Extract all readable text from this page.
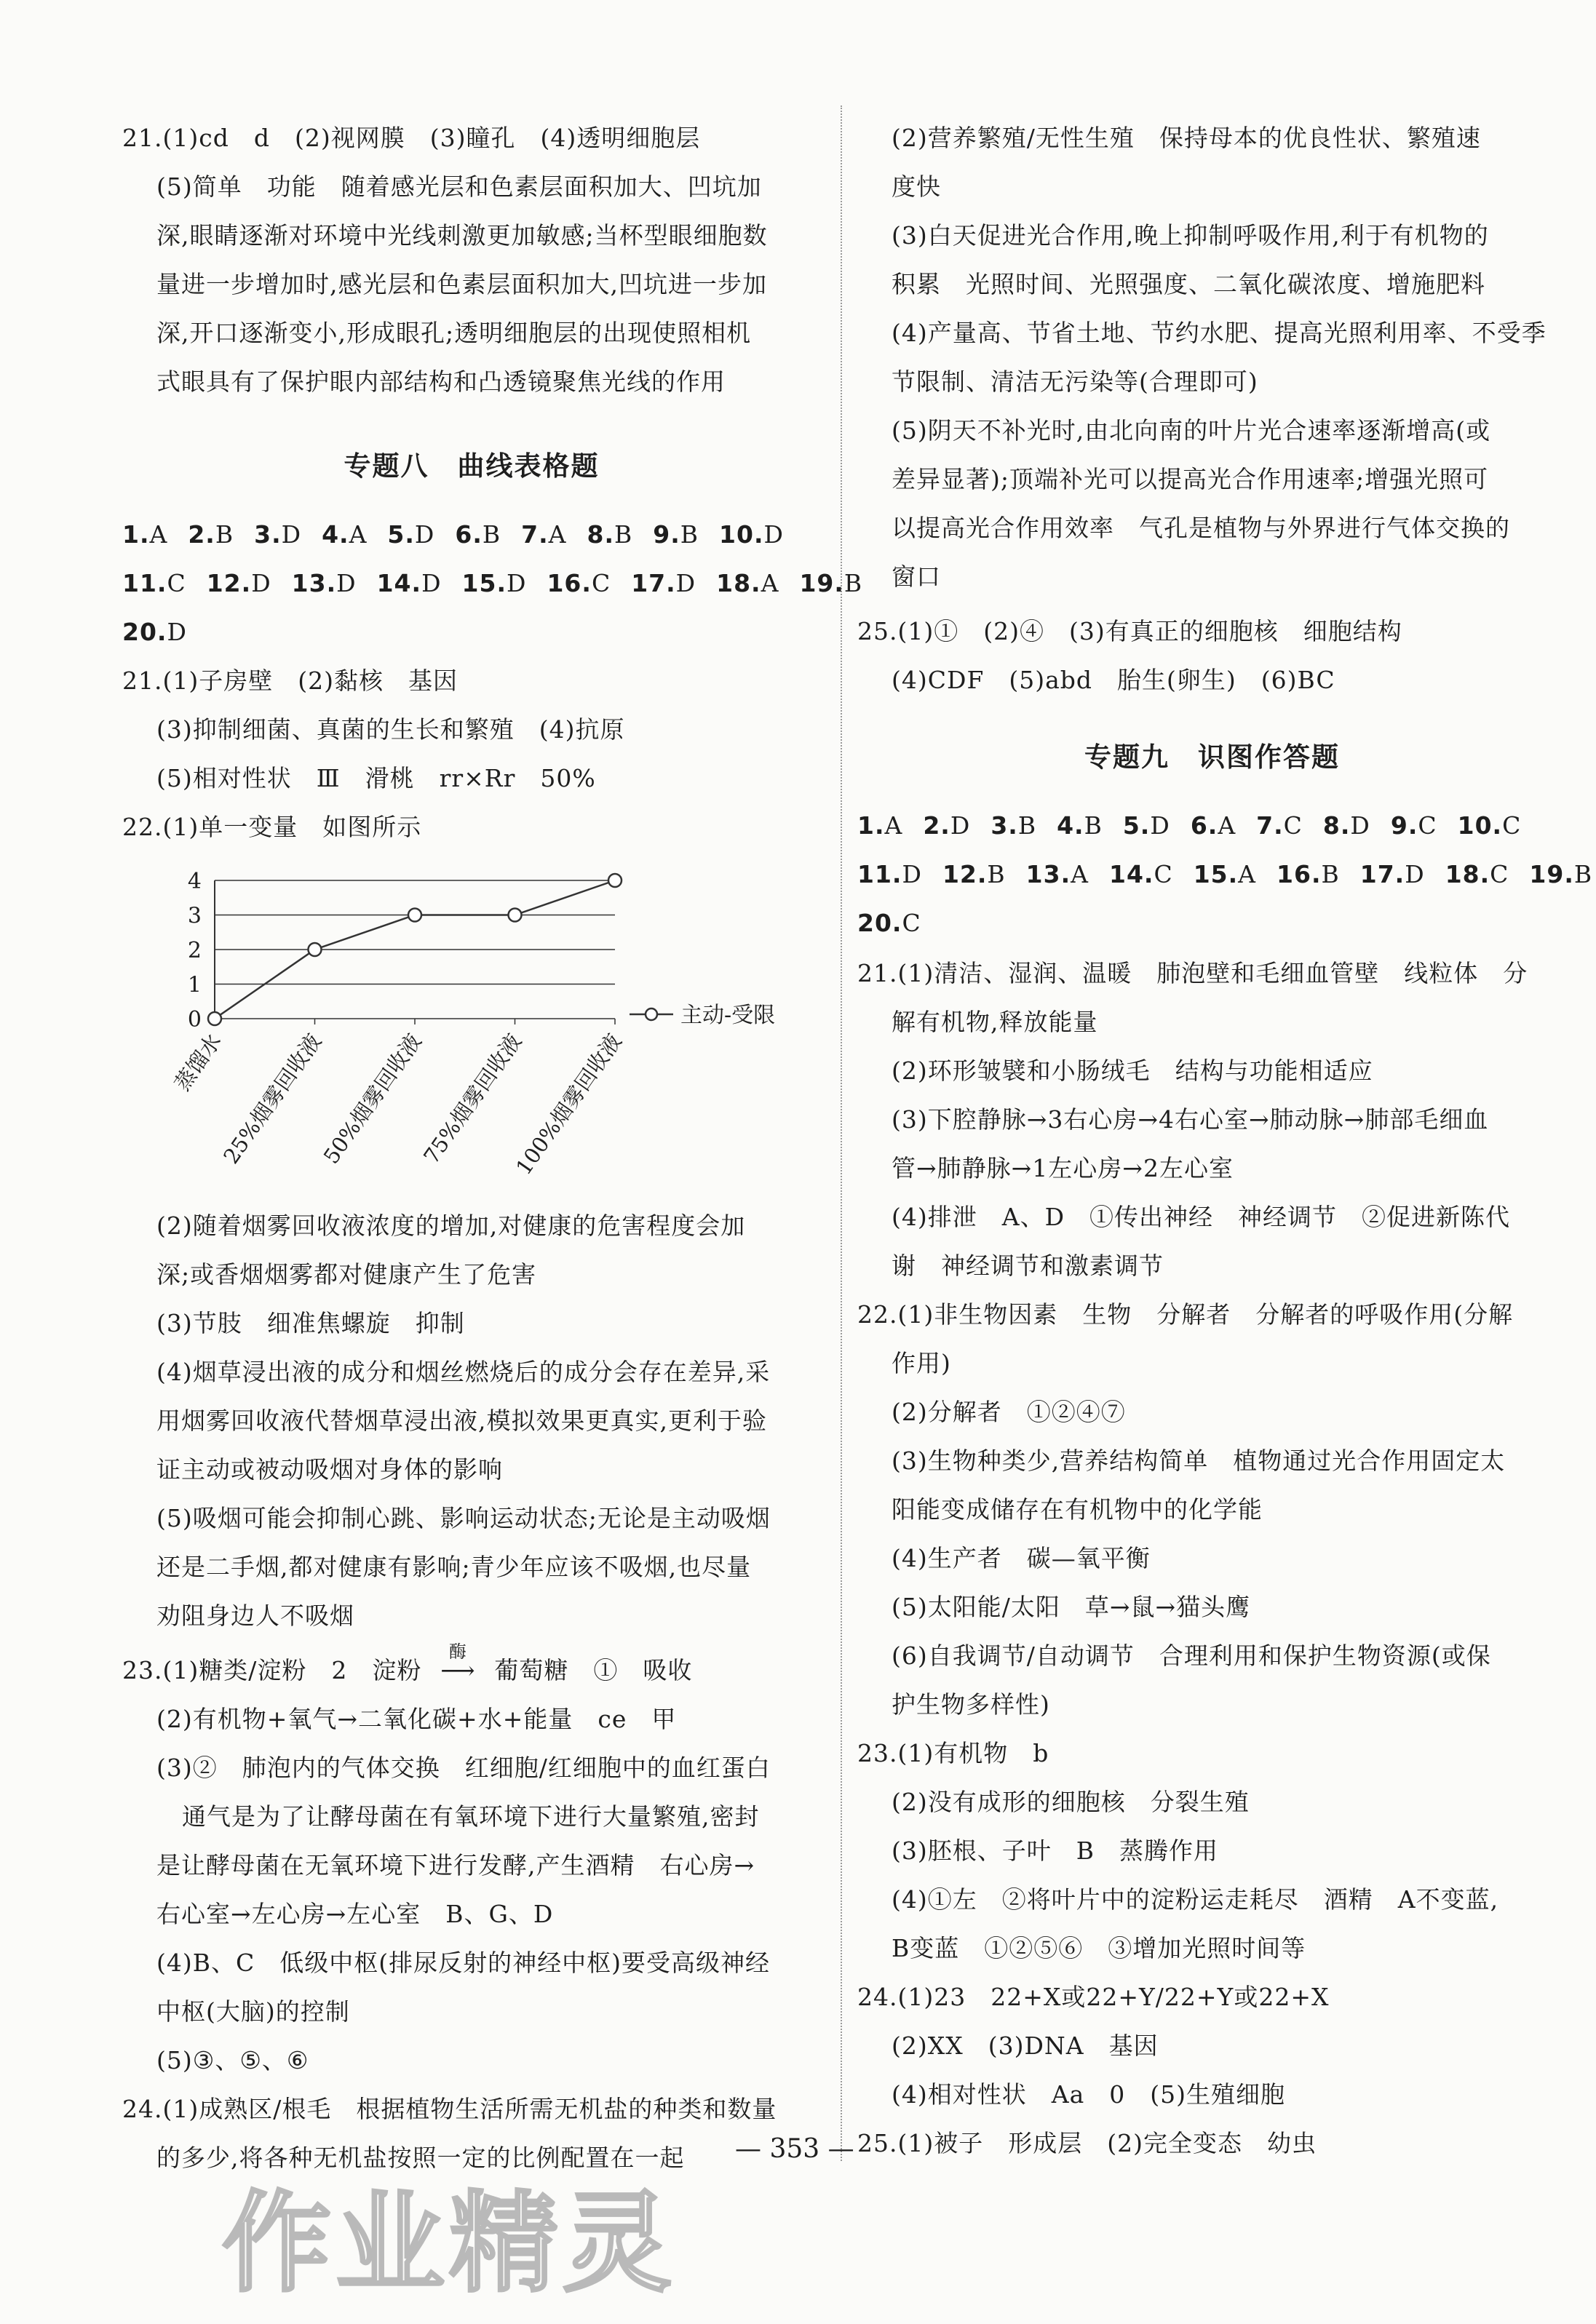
21.(1)cd　d　(2)视网膜　(3)瞳孔　(4)透明细胞层
(5)简单　功能　随着感光层和色素层面积加大、凹坑加
深,眼睛逐渐对环境中光线刺激更加敏感;当杯型眼细胞数
量进一步增加时,感光层和色素层面积加大,凹坑进一步加
深,开口逐渐变小,形成眼孔;透明细胞层的出现使照相机
式眼具有了保护眼内部结构和凸透镜聚焦光线的作用
专题八　曲线表格题
1.A 2.B 3.D 4.A 5.D 6.B 7.A 8.B 9.B 10.D
11.C 12.D 13.D 14.D 15.D 16.C 17.D 18.A 19.B
20.D
21.(1)子房壁　(2)黏核　基因
(3)抑制细菌、真菌的生长和繁殖　(4)抗原
(5)相对性状　Ⅲ　滑桃　rr×Rr　50%
22.(1)单一变量　如图所示
0
1
2
3
4
蒸馏水
25%烟雾回收液
50%烟雾回收液
75%烟雾回收液
100%烟雾回收液
主动-受限
(2)随着烟雾回收液浓度的增加,对健康的危害程度会加
深;或香烟烟雾都对健康产生了危害
(3)节肢　细准焦螺旋　抑制
(4)烟草浸出液的成分和烟丝燃烧后的成分会存在差异,采
用烟雾回收液代替烟草浸出液,模拟效果更真实,更利于验
证主动或被动吸烟对身体的影响
(5)吸烟可能会抑制心跳、影响运动状态;无论是主动吸烟
还是二手烟,都对健康有影响;青少年应该不吸烟,也尽量
劝阻身边人不吸烟
23.(1)糖类/淀粉　2　淀粉
酶
⟶ 葡萄糖　①　吸收
(2)有机物+氧气→二氧化碳+水+能量　ce　甲
(3)②　肺泡内的气体交换　红细胞/红细胞中的血红蛋白
通气是为了让酵母菌在有氧环境下进行大量繁殖,密封
是让酵母菌在无氧环境下进行发酵,产生酒精　右心房→
右心室→左心房→左心室　B、G、D
(4)B、C　低级中枢(排尿反射的神经中枢)要受高级神经
中枢(大脑)的控制
(5)③、⑤、⑥
24.(1)成熟区/根毛　根据植物生活所需无机盐的种类和数量
的多少,将各种无机盐按照一定的比例配置在一起
(2)营养繁殖/无性生殖　保持母本的优良性状、繁殖速
度快
(3)白天促进光合作用,晚上抑制呼吸作用,利于有机物的
积累　光照时间、光照强度、二氧化碳浓度、增施肥料
(4)产量高、节省土地、节约水肥、提高光照利用率、不受季
节限制、清洁无污染等(合理即可)
(5)阴天不补光时,由北向南的叶片光合速率逐渐增高(或
差异显著);顶端补光可以提高光合作用速率;增强光照可
以提高光合作用效率　气孔是植物与外界进行气体交换的
窗口
25.(1)①　(2)④　(3)有真正的细胞核　细胞结构
(4)CDF　(5)abd　胎生(卵生)　(6)BC
专题九　识图作答题
1.A 2.D 3.B 4.B 5.D 6.A 7.C 8.D 9.C 10.C
11.D 12.B 13.A 14.C 15.A 16.B 17.D 18.C 19.B
20.C
21.(1)清洁、湿润、温暖　肺泡壁和毛细血管壁　线粒体　分
解有机物,释放能量
(2)环形皱襞和小肠绒毛　结构与功能相适应
(3)下腔静脉→3右心房→4右心室→肺动脉→肺部毛细血
管→肺静脉→1左心房→2左心室
(4)排泄　A、D　①传出神经　神经调节　②促进新陈代
谢　神经调节和激素调节
22.(1)非生物因素　生物　分解者　分解者的呼吸作用(分解
作用)
(2)分解者　①②④⑦
(3)生物种类少,营养结构简单　植物通过光合作用固定太
阳能变成储存在有机物中的化学能
(4)生产者　碳—氧平衡
(5)太阳能/太阳　草→鼠→猫头鹰
(6)自我调节/自动调节　合理利用和保护生物资源(或保
护生物多样性)
23.(1)有机物　b
(2)没有成形的细胞核　分裂生殖
(3)胚根、子叶　B　蒸腾作用
(4)①左　②将叶片中的淀粉运走耗尽　酒精　A不变蓝,
B变蓝　①②⑤⑥　③增加光照时间等
24.(1)23　22+X或22+Y/22+Y或22+X
(2)XX　(3)DNA　基因
(4)相对性状　Aa　0　(5)生殖细胞
25.(1)被子　形成层　(2)完全变态　幼虫
— 353 —
作业精灵
